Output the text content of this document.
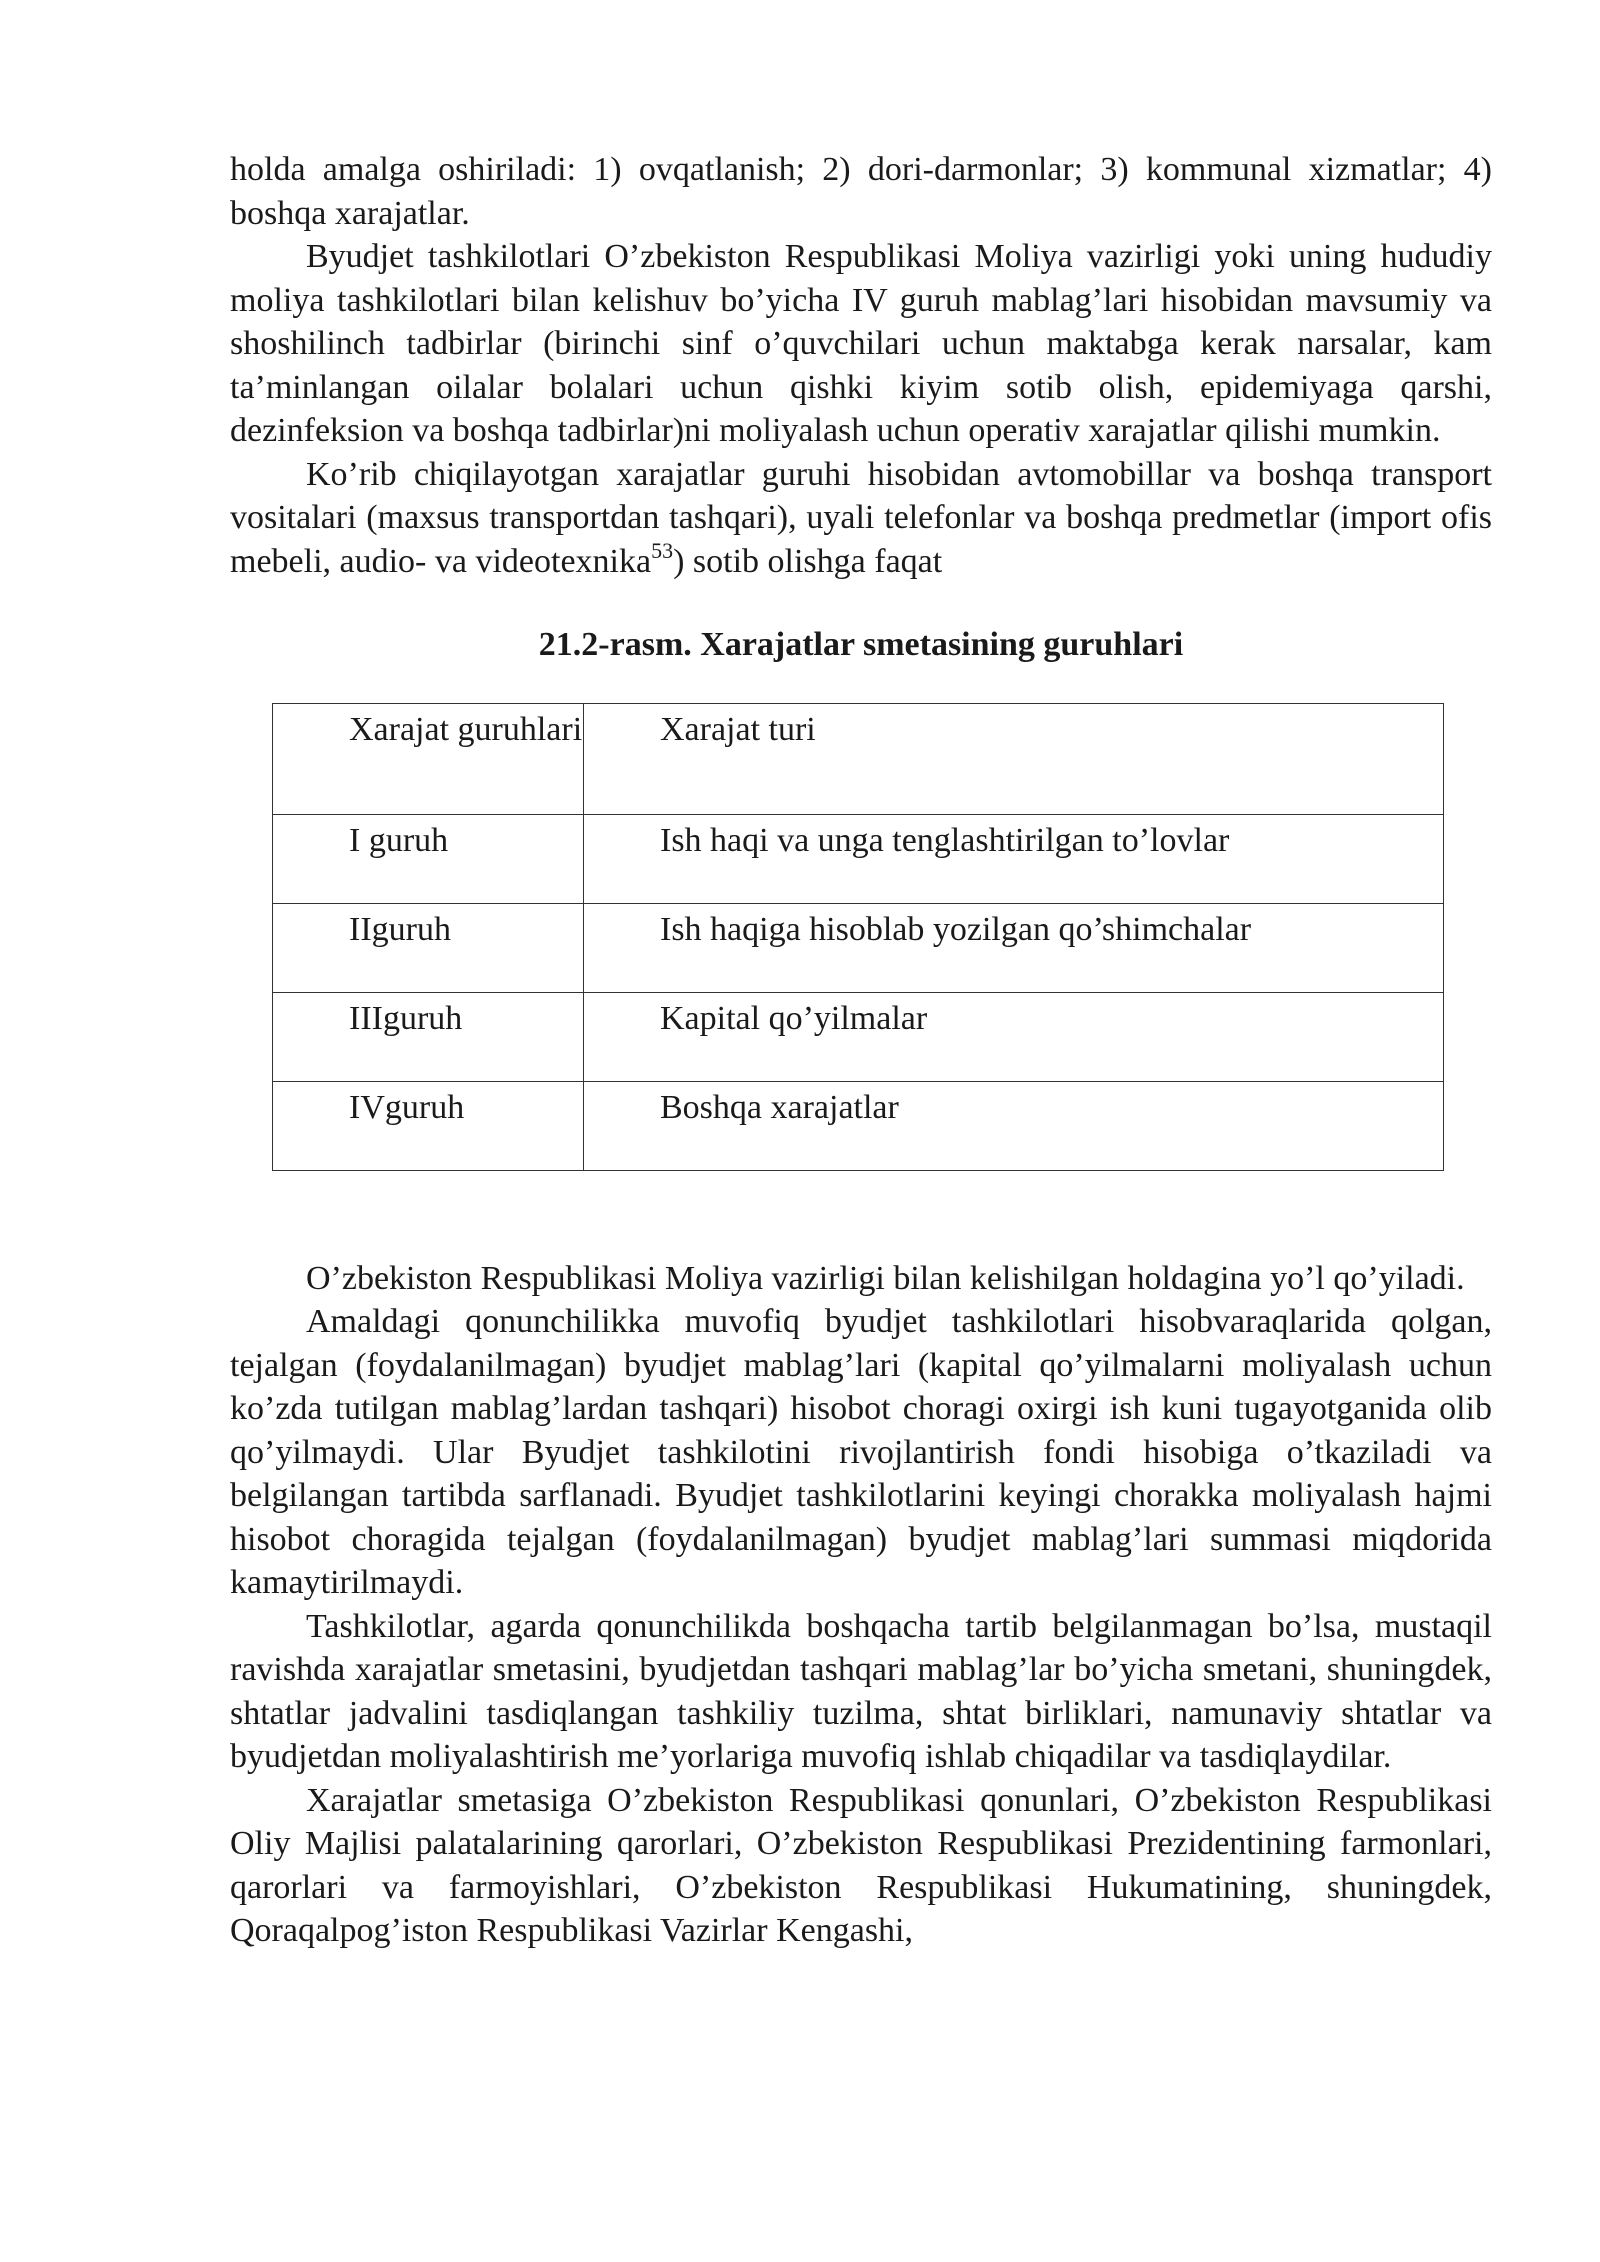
holda amalga oshiriladi: 1) ovqatlanish; 2) dori-darmonlar; 3) kommunal xizmatlar; 4) boshqa xarajatlar.

Byudjet tashkilotlari O’zbekiston Respublikasi Moliya vazirligi yoki uning hududiy moliya tashkilotlari bilan kelishuv bo’yicha IV guruh mablag’lari hisobidan mavsumiy va shoshilinch tadbirlar (birinchi sinf o’quvchilari uchun maktabga kerak narsalar, kam ta’minlangan oilalar bolalari uchun qishki kiyim sotib olish, epidemiyaga qarshi, dezinfeksion va boshqa tadbirlar)ni moliyalash uchun operativ xarajatlar qilishi mumkin.

Ko’rib chiqilayotgan xarajatlar guruhi hisobidan avtomobillar va boshqa transport vositalari (maxsus transportdan tashqari), uyali telefonlar va boshqa predmetlar (import ofis mebeli, audio- va videotexnika$^{53}$) sotib olishga faqat

21.2-rasm. Xarajatlar smetasining guruhlari

Xarajat guruhlari	Xarajat turi

I guruh	Ish haqi va unga tenglashtirilgan to’lovlar

IIguruh	Ish haqiga hisoblab yozilgan qo’shimchalar

IIIguruh	Kapital qo’yilmalar

IVguruh	Boshqa xarajatlar

O’zbekiston Respublikasi Moliya vazirligi bilan kelishilgan holdagina yo’l qo’yiladi.

Amaldagi qonunchilikka muvofiq byudjet tashkilotlari hisobvaraqlarida qolgan, tejalgan (foydalanilmagan) byudjet mablag’lari (kapital qo’yilmalarni moliyalash uchun ko’zda tutilgan mablag’lardan tashqari) hisobot choragi oxirgi ish kuni tugayotganida olib qo’yilmaydi. Ular Byudjet tashkilotini rivojlantirish fondi hisobiga o’tkaziladi va belgilangan tartibda sarflanadi. Byudjet tashkilotlarini keyingi chorakka moliyalash hajmi hisobot choragida tejalgan (foydalanilmagan) byudjet mablag’lari summasi miqdorida kamaytirilmaydi.

Tashkilotlar, agarda qonunchilikda boshqacha tartib belgilanmagan bo’lsa, mustaqil ravishda xarajatlar smetasini, byudjetdan tashqari mablag’lar bo’yicha smetani, shuningdek, shtatlar jadvalini tasdiqlangan tashkiliy tuzilma, shtat birliklari, namunaviy shtatlar va byudjetdan moliyalashtirish me’yorlariga muvofiq ishlab chiqadilar va tasdiqlaydilar.

Xarajatlar smetasiga O’zbekiston Respublikasi qonunlari, O’zbekiston Respublikasi Oliy Majlisi palatalarining qarorlari, O’zbekiston Respublikasi Prezidentining farmonlari, qarorlari va farmoyishlari, O’zbekiston Respublikasi Hukumatining, shuningdek, Qoraqalpog’iston Respublikasi Vazirlar Kengashi,
